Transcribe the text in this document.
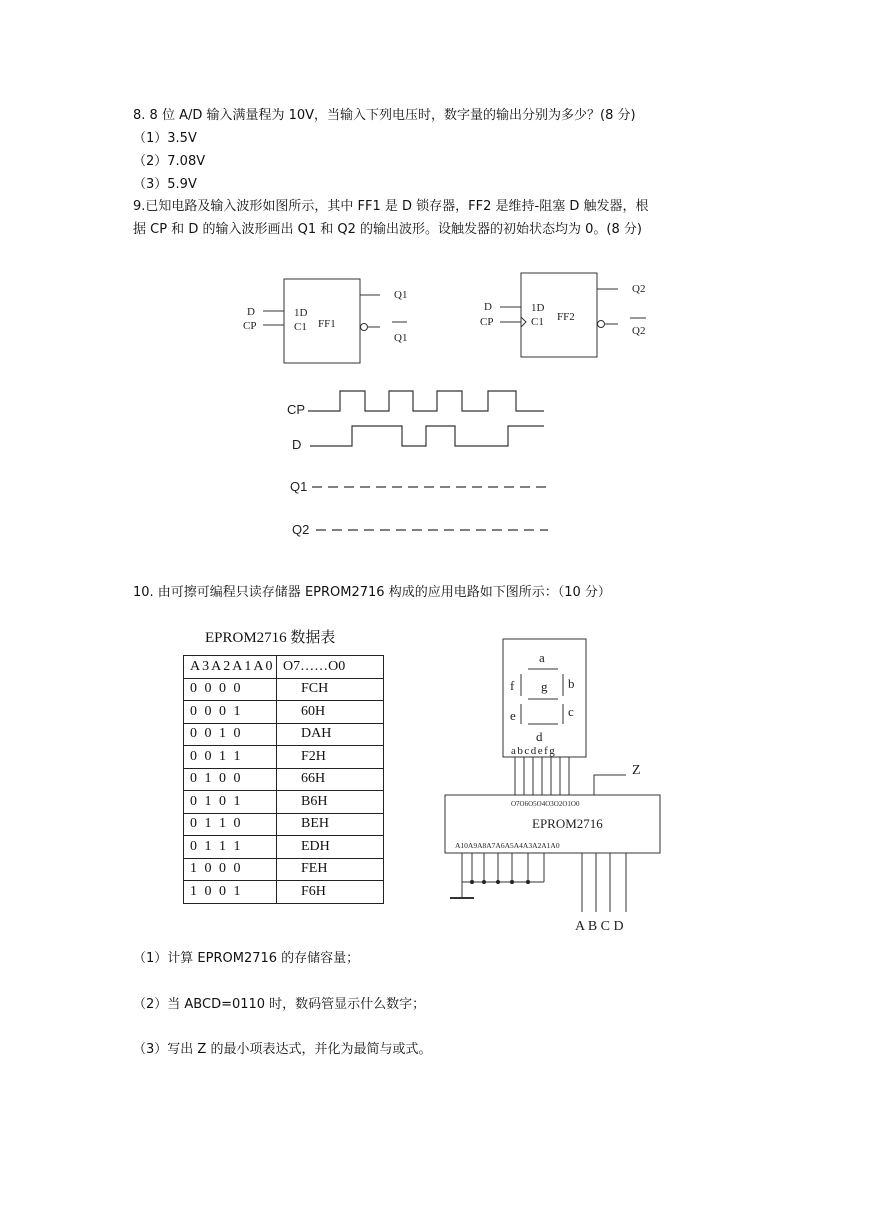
8. 8 位 A/D 输入满量程为 10V，当输入下列电压时，数字量的输出分别为多少？(8 分)
（1）3.5V
（2）7.08V
（3）5.9V
9.已知电路及输入波形如图所示，其中 FF1 是 D 锁存器，FF2 是维持-阻塞 D 触发器，根
据 CP 和 D 的输入波形画出 Q1 和 Q2 的输出波形。设触发器的初始状态均为 0。(8 分)
D
CP
1D
C1 FF1
Q1
Q1
D
CP
1D
C1 FF2
Q2
Q2
CP
D
Q1
Q2
10. 由可擦可编程只读存储器 EPROM2716 构成的应用电路如下图所示：（10 分）
EPROM2716 数据表
A3A2A1A0	O7……O0
0 0 0 0	FCH
0 0 0 1	60H
0 0 1 0	DAH
0 0 1 1	F2H
0 1 0 0	66H
0 1 0 1	B6H
0 1 1 0	BEH
0 1 1 1	EDH
1 0 0 0	FEH
1 0 0 1	F6H
a
f g b
e	c
d
abcdefg
Z
O7O6O5O4O3O2O1O0
EPROM2716
A10A9A8A7A6A5A4A3A2A1A0
A B C D
（1）计算 EPROM2716 的存储容量；
（2）当 ABCD=0110 时，数码管显示什么数字；
（3）写出 Z 的最小项表达式，并化为最简与或式。
